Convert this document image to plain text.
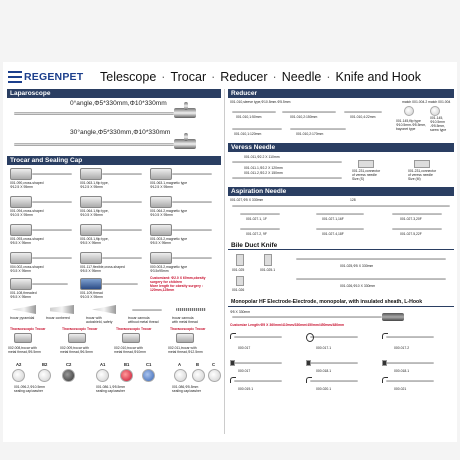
REGENPET Telescope · Trocar · Reducer · Needle · Knife and Hook
Laparoscope
0°angle,Φ5*330mm,Φ10*330mm
30°angle,Φ5*330mm,Φ10*330mm
Trocar and Sealing Cap
001.090,cross-shaped
Φ12.5 X 95mm
001.063.1,flip type,
Φ12.5 X 95mm
001.063.1,magnetic type
Φ12.5 X 95mm
001.094,cross-shaped
Φ10.5 X 95mm
001.064.1,flip type,
Φ10.5 X 95mm
001.064.2,magnetic type
Φ10.5 X 95mm
001.093,cross-shaped
Φ5.5 X 95mm
001.003.1,flip type,
Φ5.5 X 95mm
001.003.2,magnetic type
Φ5.5 X 95mm
004.002,cross-shaped
Φ3.5 X 95mm
001.117,flexible,cross-shaped
Φ5.5 X 95mm
000.003.2,magnetic type
Φ3.5x95mm
001.108,threaded
Φ5.5 X 95mm
001.109,thread
Φ10.5 X 95mm
Customized: Φ2.0 X 60mm,obesity
surgery for children
More length for obesity surgery :
120mm,125mm
trocar pyramidal	trocar conbered	trocar with
autoshield, safety
trocar cannula
without metal thread
trocar cannula
with metal thread
Thoracoscopic Trocar	Thoracoscopic Trocar	Thoracoscopic Trocar	Thoracoscopic Trocar
002.008,trocar with
metal thread,Φ5.5mm
002.009,trocar with
metal thread,Φ6.5mm
002.010,trocar with
metal thread,Φ10mm
002.011,trocar with
metal thread,Φ12.5mm
A2	B2	C2	A1	B1	C1	A	B	C
001.096.2,Φ10.5mm
sealing cap/washer
001.086.1,Φ5.5mm
sealing cap/washer
001.086,Φ5.5mm
sealing cap/washer
Reducer
001.010,sleeve type,Φ10.5mm-Φ5.5mm	match 001.004.2 match 001.004
001.010,1:50mm	001.010,2:150mm	001.010,4:22mm
001.010,1:120mm	001.010,2:170mm
001.145,flip type
Φ10.5mm-Φ5.5mm,
bayonet type
001.145,
Φ10.5mm
-Φ5.5mm,
screw type
Veress Needle
001.011,Φ2.2 X 110mm
001.011.1,Φ2.2 X 120mm
001.011.2,Φ2.2 X 150mm	001.231,connector
of veress needle
Size (S)
001.231,connector
of veress needle
Size (M)
Aspiration Needle
001.027,Φ5 X 330mm	128
001.027.1, 1F	001.027.1,16F	001.027.3,20F
001.027.2, 9F	001.027.4,18F	001.027.5,22F
Bile Duct Knife
001.025	001.025.1
001.026
001.025,Φ5 X 330mm
001.026,Φ10 X 330mm
Monopolar HF Electrode-Electrode, monopolar, with insulated sheath, L-Hook
Φ5 X 330mm
Customize Length:Φ5 X 360mm/410mm/330mm/450mm/450mm/480mm
000.017	000.017.1	000.017.2
000.017	000.018.1	000.018.1
000.019.1	000.020.1	000.021
